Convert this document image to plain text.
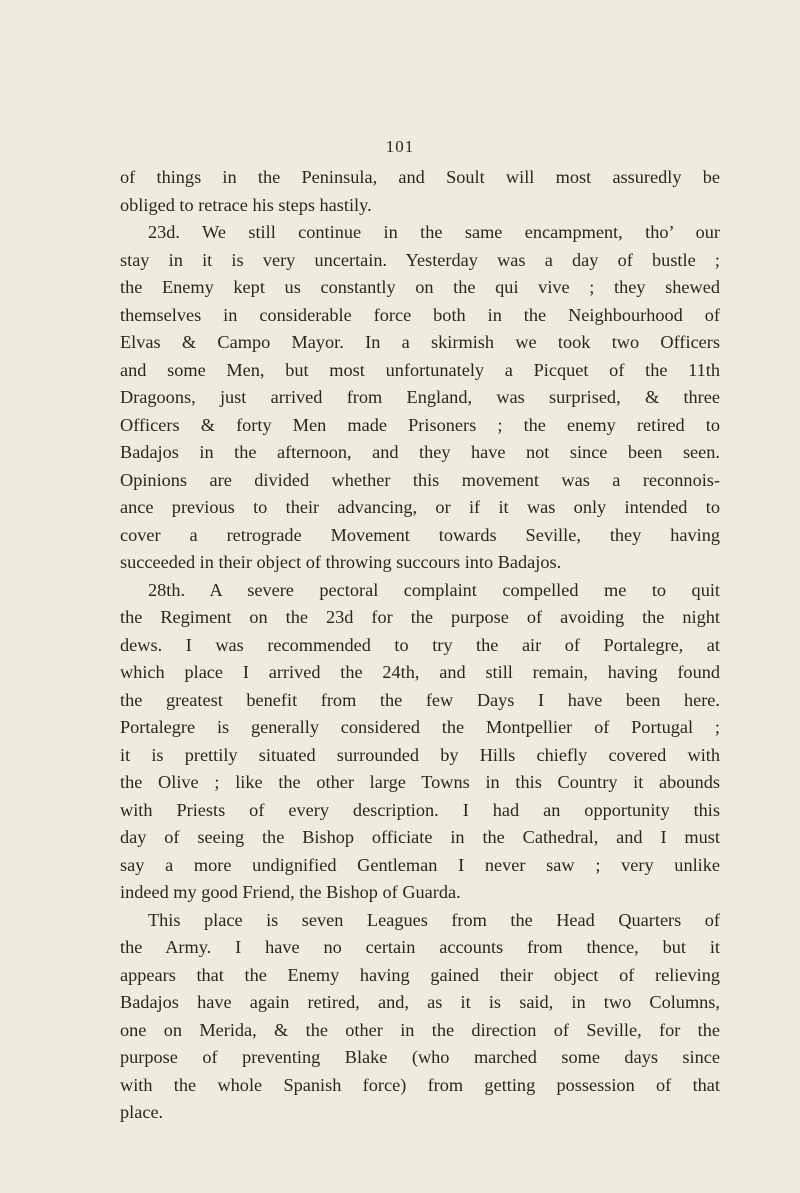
101
of things in the Peninsula, and Soult will most assuredly be
obliged to retrace his steps hastily.
23d. We still continue in the same encampment, tho’ our
stay in it is very uncertain. Yesterday was a day of bustle ;
the Enemy kept us constantly on the qui vive ; they shewed
themselves in considerable force both in the Neighbourhood of
Elvas & Campo Mayor. In a skirmish we took two Officers
and some Men, but most unfortunately a Picquet of the 11th
Dragoons, just arrived from England, was surprised, & three
Officers & forty Men made Prisoners ; the enemy retired to
Badajos in the afternoon, and they have not since been seen.
Opinions are divided whether this movement was a reconnois-
ance previous to their advancing, or if it was only intended to
cover a retrograde Movement towards Seville, they having
succeeded in their object of throwing succours into Badajos.
28th. A severe pectoral complaint compelled me to quit
the Regiment on the 23d for the purpose of avoiding the night
dews. I was recommended to try the air of Portalegre, at
which place I arrived the 24th, and still remain, having found
the greatest benefit from the few Days I have been here.
Portalegre is generally considered the Montpellier of Portugal ;
it is prettily situated surrounded by Hills chiefly covered with
the Olive ; like the other large Towns in this Country it abounds
with Priests of every description. I had an opportunity this
day of seeing the Bishop officiate in the Cathedral, and I must
say a more undignified Gentleman I never saw ; very unlike
indeed my good Friend, the Bishop of Guarda.
This place is seven Leagues from the Head Quarters of
the Army. I have no certain accounts from thence, but it
appears that the Enemy having gained their object of relieving
Badajos have again retired, and, as it is said, in two Columns,
one on Merida, & the other in the direction of Seville, for the
purpose of preventing Blake (who marched some days since
with the whole Spanish force) from getting possession of that
place.
